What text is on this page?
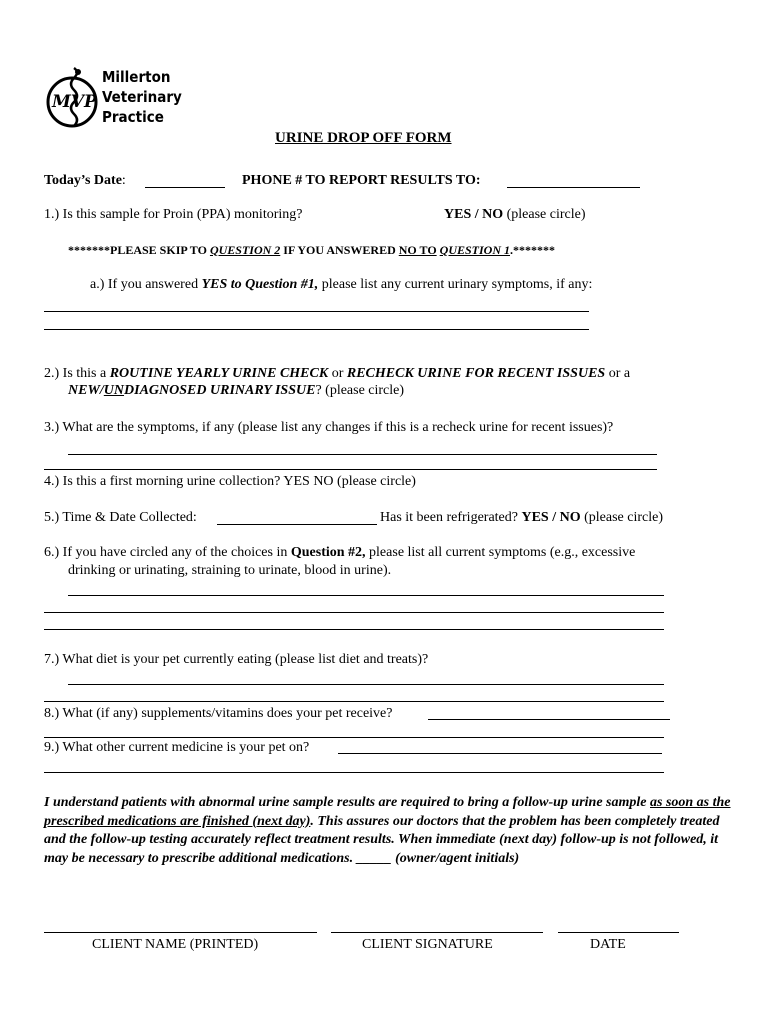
MVP
Millerton
Veterinary
Practice
URINE DROP OFF FORM
Today’s Date:	PHONE # TO REPORT RESULTS TO:
1.) Is this sample for Proin (PPA) monitoring?	YES / NO (please circle)
*******PLEASE SKIP TO QUESTION 2 IF YOU ANSWERED NO TO QUESTION 1.*******
a.) If you answered YES to Question #1, please list any current urinary symptoms, if any:
2.) Is this a ROUTINE YEARLY URINE CHECK or RECHECK URINE FOR RECENT ISSUES or a
NEW/UNDIAGNOSED URINARY ISSUE? (please circle)
3.) What are the symptoms, if any (please list any changes if this is a recheck urine for recent issues)?
4.) Is this a first morning urine collection? YES NO (please circle)
5.) Time & Date Collected:	Has it been refrigerated? YES / NO (please circle)
6.) If you have circled any of the choices in Question #2, please list all current symptoms (e.g., excessive
drinking or urinating, straining to urinate, blood in urine).
7.) What diet is your pet currently eating (please list diet and treats)?
8.) What (if any) supplements/vitamins does your pet receive?
9.) What other current medicine is your pet on?
I understand patients with abnormal urine sample results are required to bring a follow-up urine sample as soon as the prescribed medications are finished (next day). This assures our doctors that the problem has been completely treated and the follow-up testing accurately reflect treatment results. When immediate (next day) follow-up is not followed, it may be necessary to prescribe additional medications. _____ (owner/agent initials)
CLIENT NAME (PRINTED)	CLIENT SIGNATURE	DATE
